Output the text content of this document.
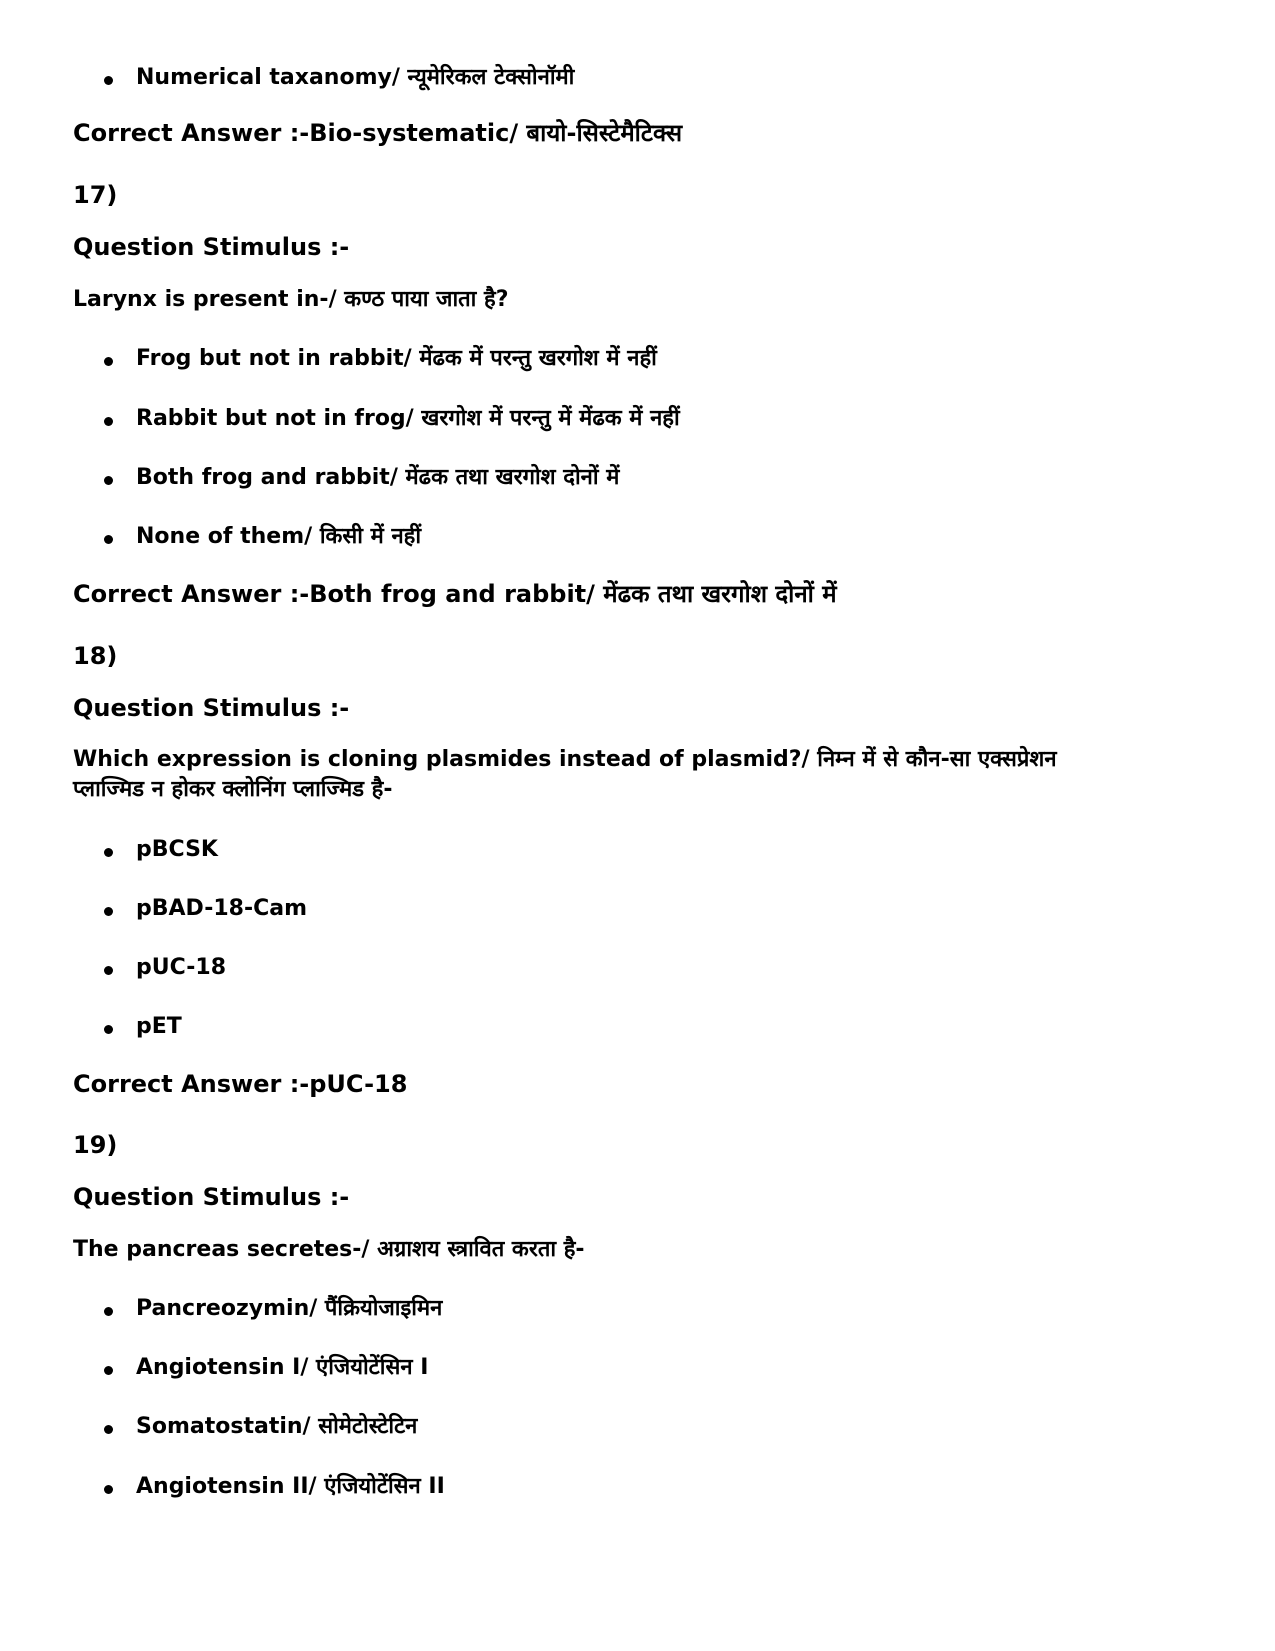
Numerical taxanomy/ न्यूमेरिकल टेक्सोनॉमी
Correct Answer :-Bio-systematic/ बायो-सिस्टेमैटिक्स
17)
Question Stimulus :-
Larynx is present in-/ कण्ठ पाया जाता है?
Frog but not in rabbit/ मेंढक में परन्तु खरगोश में नहीं
Rabbit but not in frog/ खरगोश में परन्तु में मेंढक में नहीं
Both frog and rabbit/ मेंढक तथा खरगोश दोनों में
None of them/ किसी में नहीं
Correct Answer :-Both frog and rabbit/ मेंढक तथा खरगोश दोनों में
18)
Question Stimulus :-
Which expression is cloning plasmides instead of plasmid?/ निम्न में से कौन-सा एक्सप्रेशन
प्लाज्मिड न होकर क्लोनिंग प्लाज्मिड है-
pBCSK
pBAD-18-Cam
pUC-18
pET
Correct Answer :-pUC-18
19)
Question Stimulus :-
The pancreas secretes-/ अग्राशय स्त्रावित करता है-
Pancreozymin/ पैंक्रियोजाइमिन
Angiotensin I/ एंजियोटेंसिन I
Somatostatin/ सोमेटोस्टेटिन
Angiotensin II/ एंजियोटेंसिन II
